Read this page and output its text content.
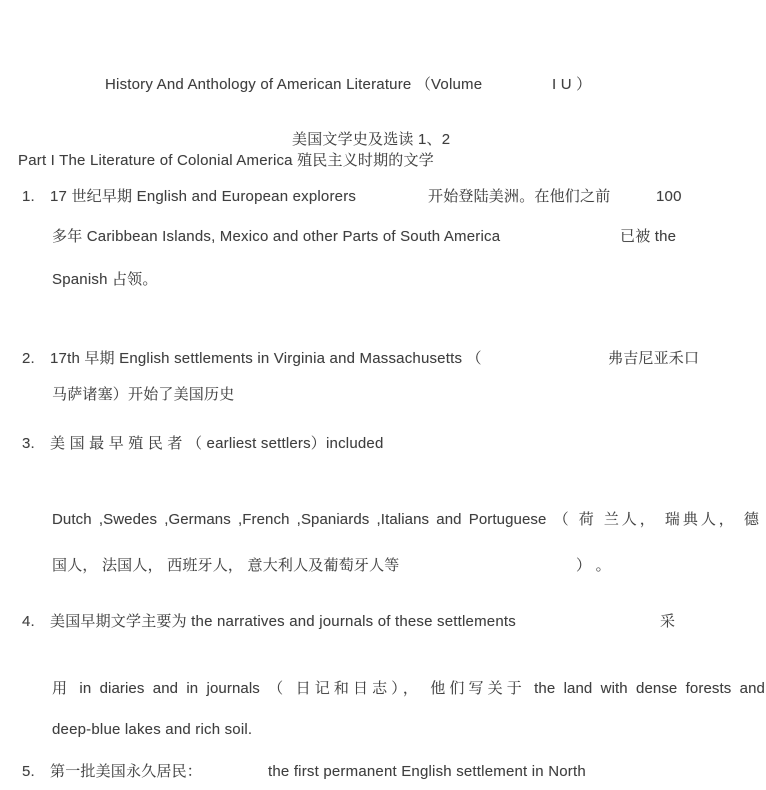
History And Anthology of American Literature （Volume	I U ）
美国文学史及选读 1、2
Part I The Literature of Colonial America 殖民主义时期的文学
1. 17 世纪早期 English and European explorers	开始登陆美洲。在他们之前	100
多年 Caribbean Islands, Mexico and other Parts of South America	已被 the
Spanish 占领。
2. 17th 早期 English settlements in Virginia and Massachusetts （	弗吉尼亚禾口
马萨诸塞）开始了美国历史
3. 美 国 最 早 殖 民 者 （ earliest settlers）included
Dutch ,Swedes ,Germans ,French ,Spaniards ,Italians and Portuguese （ 荷 兰人， 瑞典人， 德
国人， 法国人， 西班牙人， 意大利人及葡萄牙人等	） 。
4. 美国早期文学主要为 the narratives and journals of these settlements	采
用 in diaries and in journals （ 日记和日志）， 他们写关于 the land with dense forests and
deep-blue lakes and rich soil.
5. 第一批美国永久居民：	the first permanent English settlement in North
